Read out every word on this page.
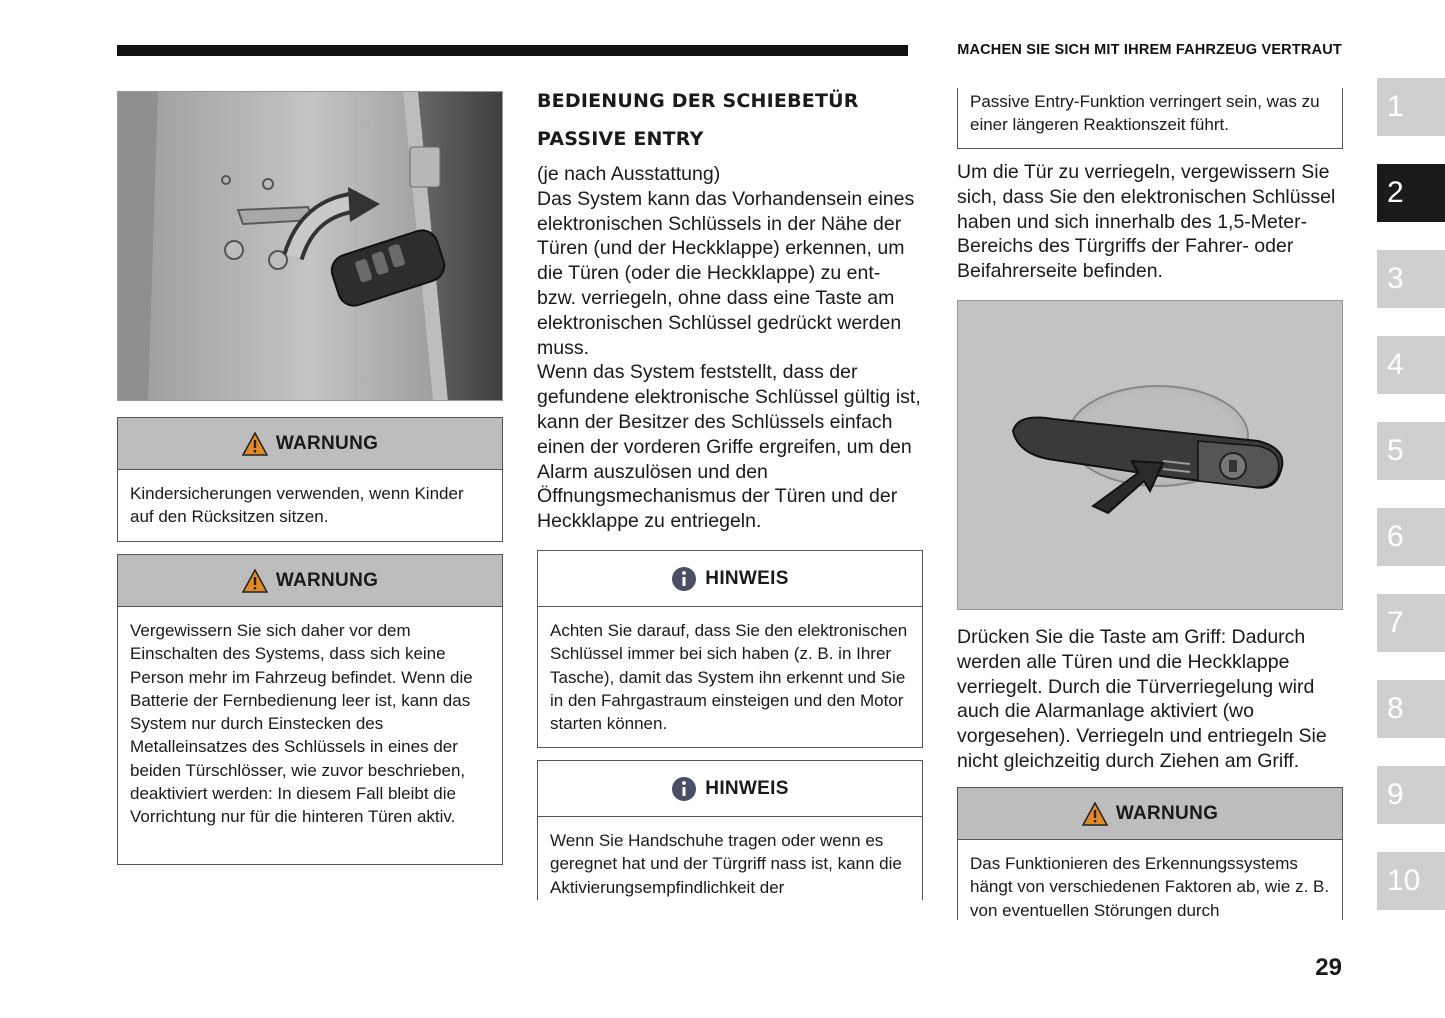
MACHEN SIE SICH MIT IHREM FAHRZEUG VERTRAUT
1
2
3
4
5
6
7
8
9
10
WARNUNG
Kindersicherungen verwenden, wenn Kinder auf den Rücksitzen sitzen.
WARNUNG
Vergewissern Sie sich daher vor dem Einschalten des Systems, dass sich keine Person mehr im Fahrzeug befindet. Wenn die Batterie der Fernbedienung leer ist, kann das System nur durch Einstecken des Metalleinsatzes des Schlüssels in eines der beiden Türschlösser, wie zuvor beschrieben, deaktiviert werden: In diesem Fall bleibt die Vorrichtung nur für die hinteren Türen aktiv.
BEDIENUNG DER SCHIEBETÜR
PASSIVE ENTRY
(je nach Ausstattung)
Das System kann das Vorhandensein eines elektronischen Schlüssels in der Nähe der Türen (und der Heckklappe) erkennen, um die Türen (oder die Heckklappe) zu ent- bzw. verriegeln, ohne dass eine Taste am elektronischen Schlüssel gedrückt werden muss.
Wenn das System feststellt, dass der gefundene elektronische Schlüssel gültig ist, kann der Besitzer des Schlüssels einfach einen der vorderen Griffe ergreifen, um den Alarm auszulösen und den Öffnungsmechanismus der Türen und der Heckklappe zu entriegeln.
HINWEIS
Achten Sie darauf, dass Sie den elektronischen Schlüssel immer bei sich haben (z. B. in Ihrer Tasche), damit das System ihn erkennt und Sie in den Fahrgastraum einsteigen und den Motor starten können.
HINWEIS
Wenn Sie Handschuhe tragen oder wenn es geregnet hat und der Türgriff nass ist, kann die Aktivierungsempfindlichkeit der
Passive Entry-Funktion verringert sein, was zu einer längeren Reaktionszeit führt.
Um die Tür zu verriegeln, vergewissern Sie sich, dass Sie den elektronischen Schlüssel haben und sich innerhalb des 1,5-Meter-Bereichs des Türgriffs der Fahrer- oder Beifahrerseite befinden.
Drücken Sie die Taste am Griff: Dadurch werden alle Türen und die Heckklappe verriegelt. Durch die Türverriegelung wird auch die Alarmanlage aktiviert (wo vorgesehen). Verriegeln und entriegeln Sie nicht gleichzeitig durch Ziehen am Griff.
WARNUNG
Das Funktionieren des Erkennungssystems hängt von verschiedenen Faktoren ab, wie z. B. von eventuellen Störungen durch
29
